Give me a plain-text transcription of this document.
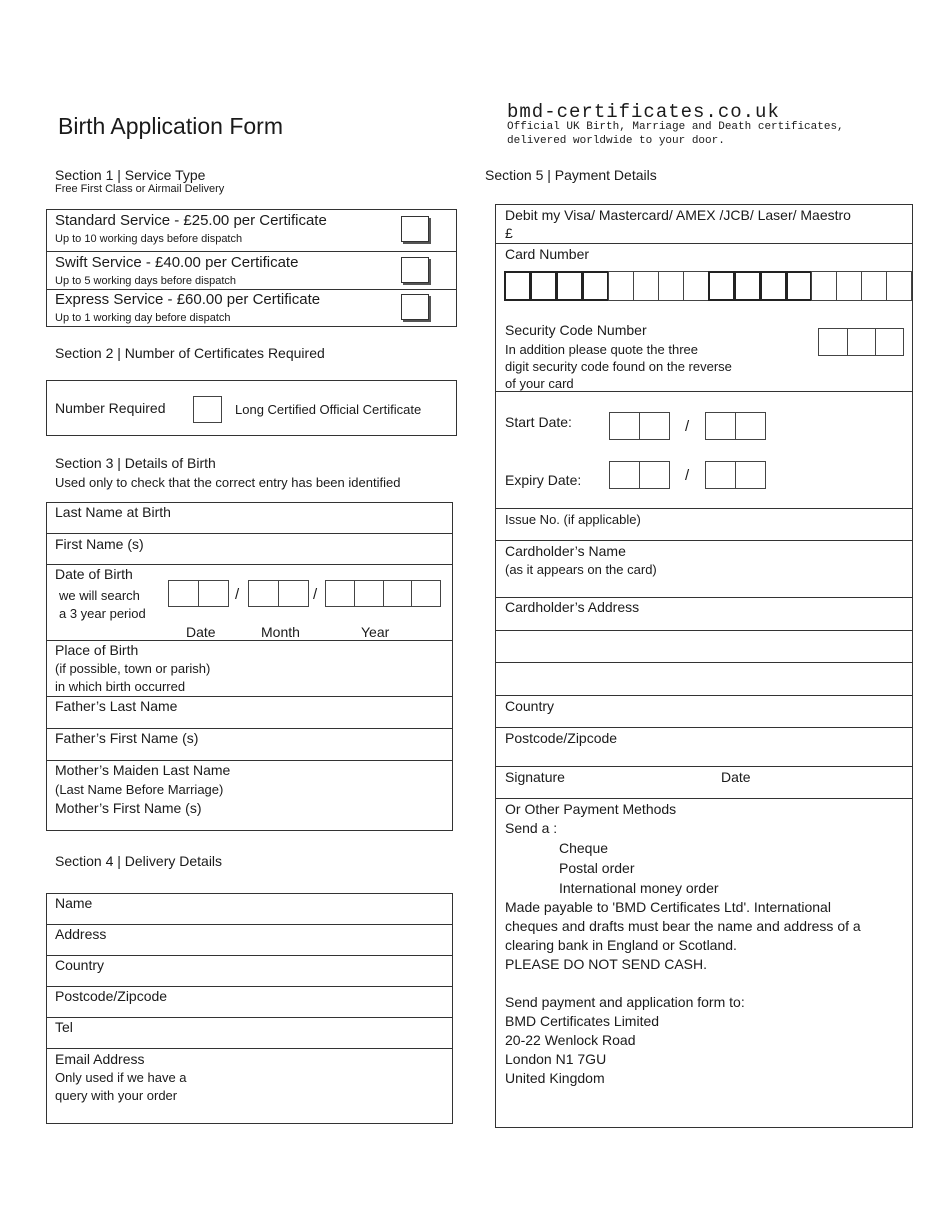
Birth Application Form
bmd-certificates.co.uk
Official UK Birth, Marriage and Death certificates,
delivered worldwide to your door.
Section 1 | Service Type
Free First Class or Airmail Delivery
Standard Service - £25.00 per Certificate
Up to 10 working days before dispatch
Swift Service - £40.00 per Certificate
Up to 5 working days before dispatch
Express Service - £60.00 per Certificate
Up to 1 working day before dispatch
Section 2 | Number of Certificates Required
Number Required	Long Certified Official Certificate
Section 3 | Details of Birth
Used only to check that the correct entry has been identified
Last Name at Birth
First Name (s)
Date of Birth
we will search
a 3 year period
/	/
Date	Month	Year
Place of Birth
(if possible, town or parish)
in which birth occurred
Father’s Last Name
Father’s First Name (s)
Mother’s Maiden Last Name
(Last Name Before Marriage)
Mother’s First Name (s)
Section 4 | Delivery Details
Name
Address
Country
Postcode/Zipcode
Tel
Email Address
Only used if we have a
query with your order
Section 5 | Payment Details
Debit my Visa/ Mastercard/ AMEX /JCB/ Laser/ Maestro
£
Card Number
Security Code Number
In addition please quote the three
digit security code found on the reverse
of your card
Start Date:	/
Expiry Date:	/
Issue No. (if applicable)
Cardholder’s Name
(as it appears on the card)
Cardholder’s Address
Country
Postcode/Zipcode
Signature	Date
Or Other Payment Methods
Send a :
Cheque
Postal order
International money order
Made payable to 'BMD Certificates Ltd'. International
cheques and drafts must bear the name and address of a
clearing bank in England or Scotland.
PLEASE DO NOT SEND CASH.
Send payment and application form to:
BMD Certificates Limited
20-22 Wenlock Road
London N1 7GU
United Kingdom
